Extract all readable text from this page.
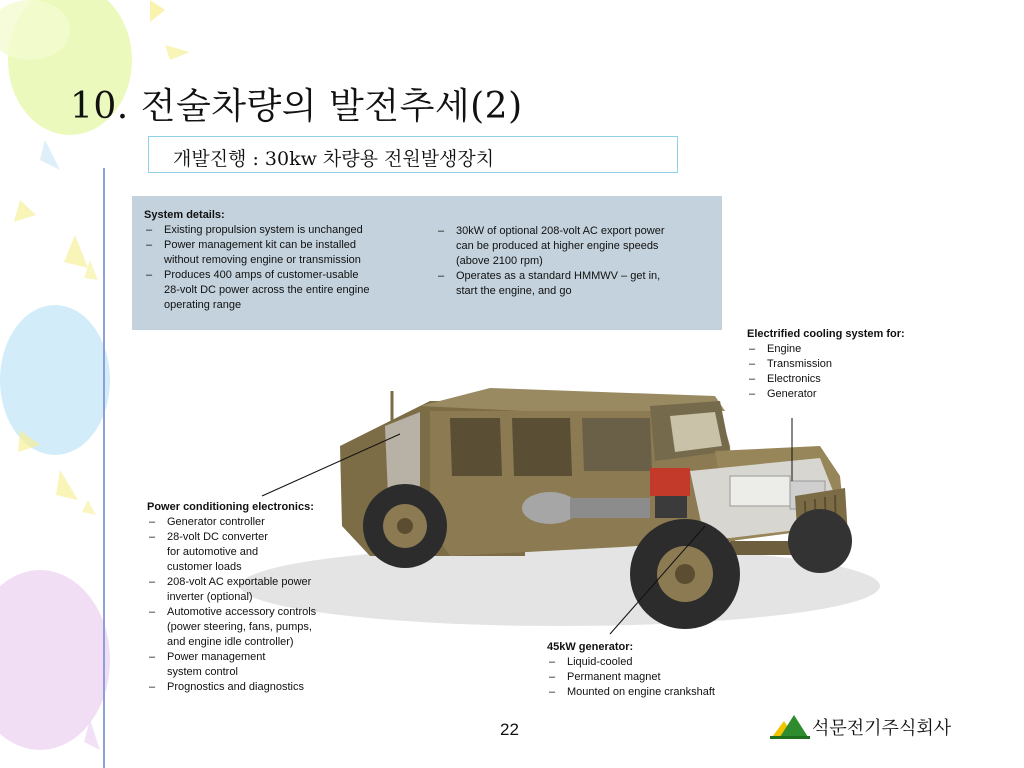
10. 전술차량의 발전추세(2)
개발진행 : 30kw 차량용 전원발생장치
System details:
– Existing propulsion system is unchanged
– Power management kit can be installed
without removing engine or transmission
– Produces 400 amps of customer-usable
28-volt DC power across the entire engine
operating range
– 30kW of optional 208-volt AC export power
can be produced at higher engine speeds
(above 2100 rpm)
– Operates as a standard HMMWV – get in,
start the engine, and go
Electrified cooling system for:
– Engine
– Transmission
– Electronics
– Generator
Power conditioning electronics:
– Generator controller
– 28-volt DC converter
for automotive and
customer loads
– 208-volt AC exportable power
inverter (optional)
– Automotive accessory controls
(power steering, fans, pumps,
and engine idle controller)
– Power management
system control
– Prognostics and diagnostics
45kW generator:
– Liquid-cooled
– Permanent magnet
– Mounted on engine crankshaft
22	석문전기주식회사
